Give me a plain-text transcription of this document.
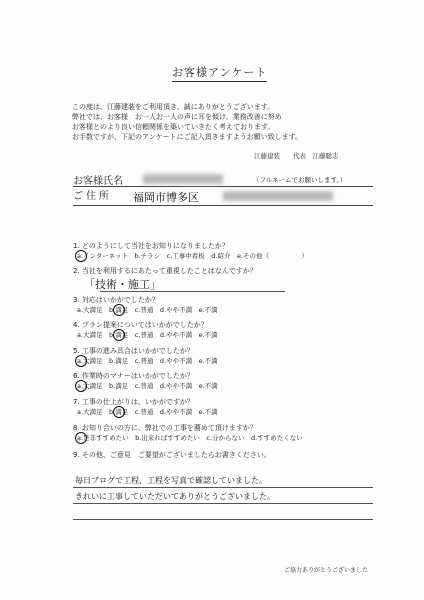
お客様アンケート
この度は、江藤建装をご利用頂き、誠にありがとうございます。
弊社では、お客様　お一人お一人の声に耳を傾け、業務改善に努め
お客様とのより良い信頼関係を築いていきたく考えております。
お手数ですが、下記のアンケートにご記入頂きますようお願い致します。
江藤建装　　代表　江藤聡志
お客様氏名	（フルネームでお願いします。）
ご住所 福岡市博多区
1. どのようにして当社をお知りになりましたか？
a.インターネット　b.チラシ　c.工事中看板　d.紹介　e.その他（　　　　　）
2. 当社を利用するにあたって重視したことはなんですか？
「技術・施工」
3. 対応はいかがでしたか？
a.大満足　b.満足　c.普通　d.やや不満　e.不満
4. プラン提案についてはいかがでしたか？
a.大満足　b.満足　c.普通　d.やや不満　e.不満
5. 工事の進み具合はいかがでしたか？
a.大満足　b.満足　c.普通　d.やや不満　e.不満
6. 作業時のマナーはいかがでしたか？
a.大満足　b.満足　c.普通　d.やや不満　e.不満
7. 工事の仕上がりは、いかがですか？
a.大満足　b.満足　c.普通　d.やや不満　e.不満
8. お知り合いの方に、弊社での工事を薦めて頂けますか？
a.是非すすめたい　b.出来ればすすめたい　c.分からない　d.すすめたくない
9. その他、ご意見　ご要望がございましたらお書きください。
毎日ブログで工程、工程を写真で確認していました。
きれいに工事していただいてありがとうございました。
ご協力ありがとうございました
